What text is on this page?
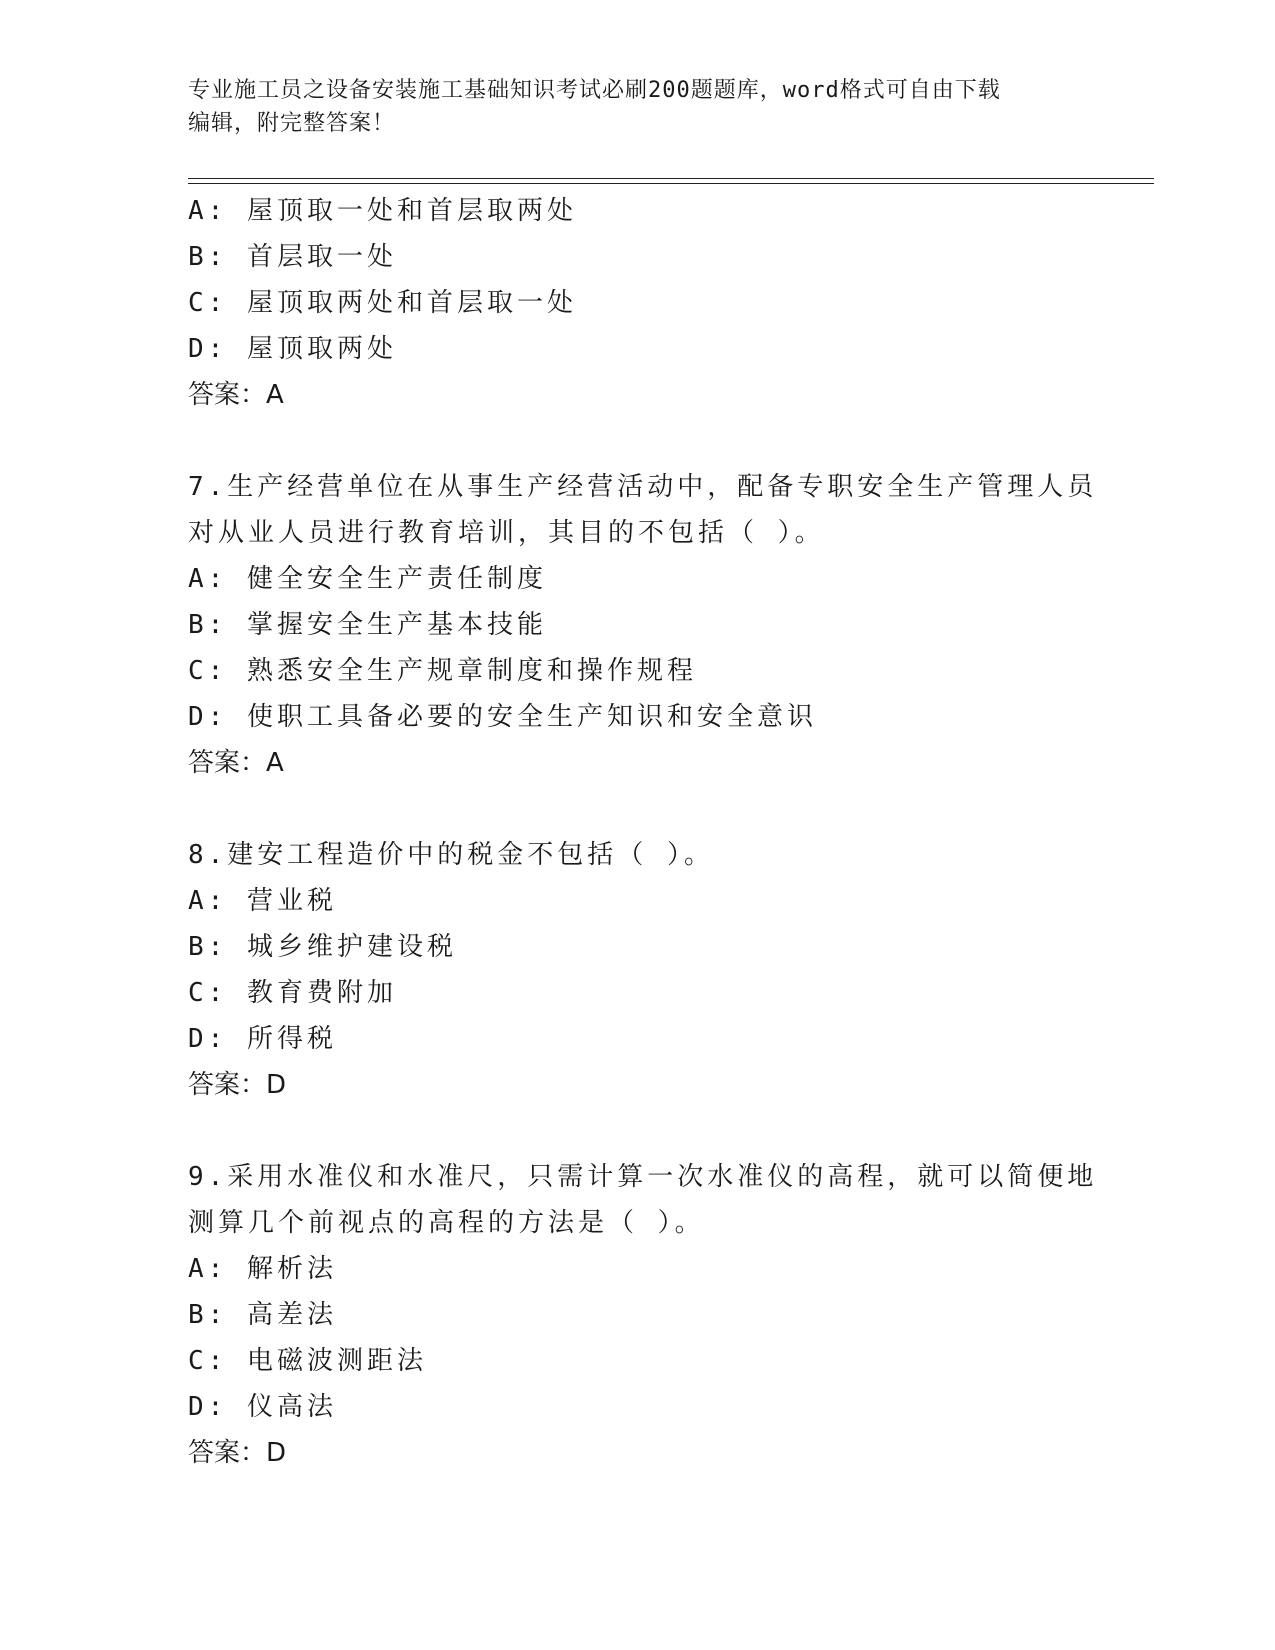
专业施工员之设备安装施工基础知识考试必刷200题题库，word格式可自由下载
编辑，附完整答案！
A: 屋顶取一处和首层取两处
B: 首层取一处
C: 屋顶取两处和首层取一处
D: 屋顶取两处
答案：A
7.生产经营单位在从事生产经营活动中，配备专职安全生产管理人员
对从业人员进行教育培训，其目的不包括（ ）。
A: 健全安全生产责任制度
B: 掌握安全生产基本技能
C: 熟悉安全生产规章制度和操作规程
D: 使职工具备必要的安全生产知识和安全意识
答案：A
8.建安工程造价中的税金不包括（ ）。
A: 营业税
B: 城乡维护建设税
C: 教育费附加
D: 所得税
答案：D
9.采用水准仪和水准尺，只需计算一次水准仪的高程，就可以简便地
测算几个前视点的高程的方法是（ ）。
A: 解析法
B: 高差法
C: 电磁波测距法
D: 仪高法
答案：D
